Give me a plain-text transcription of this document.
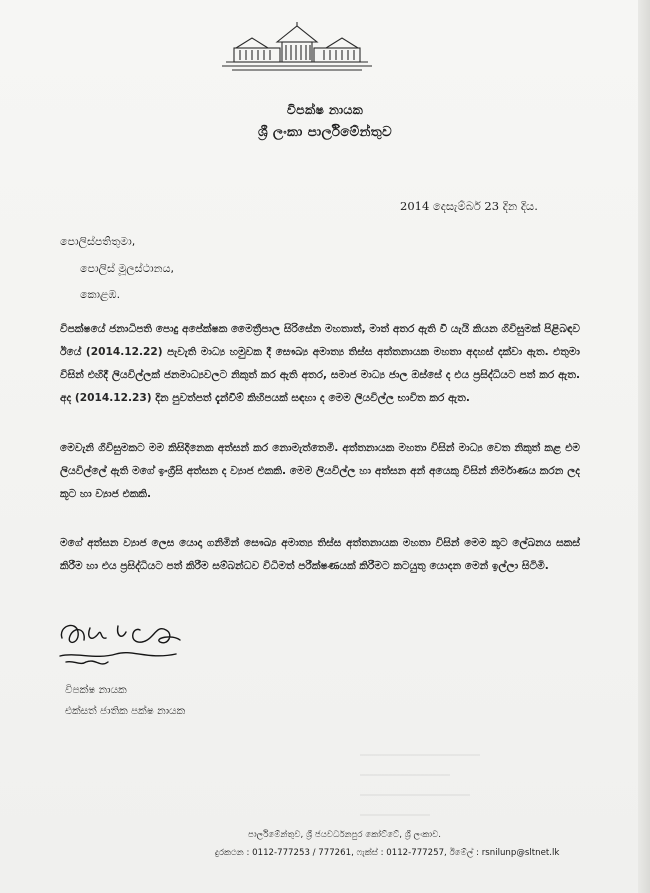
විපක්ෂ නායක
ශ්‍රී ලංකා පාර්ලිමේන්තුව
2014 දෙසැම්බර් 23 දින දිය.
පොලිස්පතිතුමා,
පොලිස් මූලස්ථානය,
කොළඹ.
විපක්ෂයේ ජනාධිපති පොදු අපේක්ෂක මෛත්‍රීපාල සිරිසේන මහතාත්, මාත් අතර ඇති වී යැයි කියන ගිවිසුමක් පිළිබඳව ඊයේ (2014.12.22) පැවැති මාධ්‍ය හමුවක දී සෞඛ්‍ය අමාත්‍ය තිස්ස අත්තනායක මහතා අදහස් දක්වා ඇත. එතුමා විසින් එහිදී ලියවිල්ලක් ජනමාධ්‍යවලට නිකුත් කර ඇති අතර, සමාජ මාධ්‍ය ජාල ඔස්සේ ද එය ප්‍රසිද්ධියට පත් කර ඇත. අද (2014.12.23) දින පුවත්පත් දැන්වීම් කිහිපයක් සඳහා ද මෙම ලියවිල්ල භාවිත කර ඇත.
මෙවැනි ගිවිසුමකට මම කිසිදිනෙක අත්සන් කර නොමැත්තෙමි. අත්තනායක මහතා විසින් මාධ්‍ය වෙත නිකුත් කළ එම ලියවිල්ලේ ඇති මගේ ඉංග්‍රීසි අත්සන ද ව්‍යාජ එකකි. මෙම ලියවිල්ල හා අත්සන අන් අයෙකු විසින් නිර්මාණය කරන ලද කූට හා ව්‍යාජ එකකි.
මගේ අත්සන ව්‍යාජ ලෙස යොදා ගනිමින් සෞඛ්‍ය අමාත්‍ය තිස්ස අත්තනායක මහතා විසින් මෙම කූට ලේඛනය සකස් කිරීම හා එය ප්‍රසිද්ධියට පත් කිරීම සම්බන්ධව විධිමත් පරීක්ෂණයක් කිරීමට කටයුතු යොදන මෙන් ඉල්ලා සිටිමි.
විපක්ෂ නායක
එක්සත් ජාතික පක්ෂ නායක
පාර්ලිමේන්තුව, ශ්‍රී ජයවර්ධනපුර කෝට්ටේ, ශ්‍රී ලංකාව.
දුරකථන : 0112-777253 / 777261, ෆැක්ස් : 0112-777257, ඊමේල් : rsnilunp@sltnet.lk
